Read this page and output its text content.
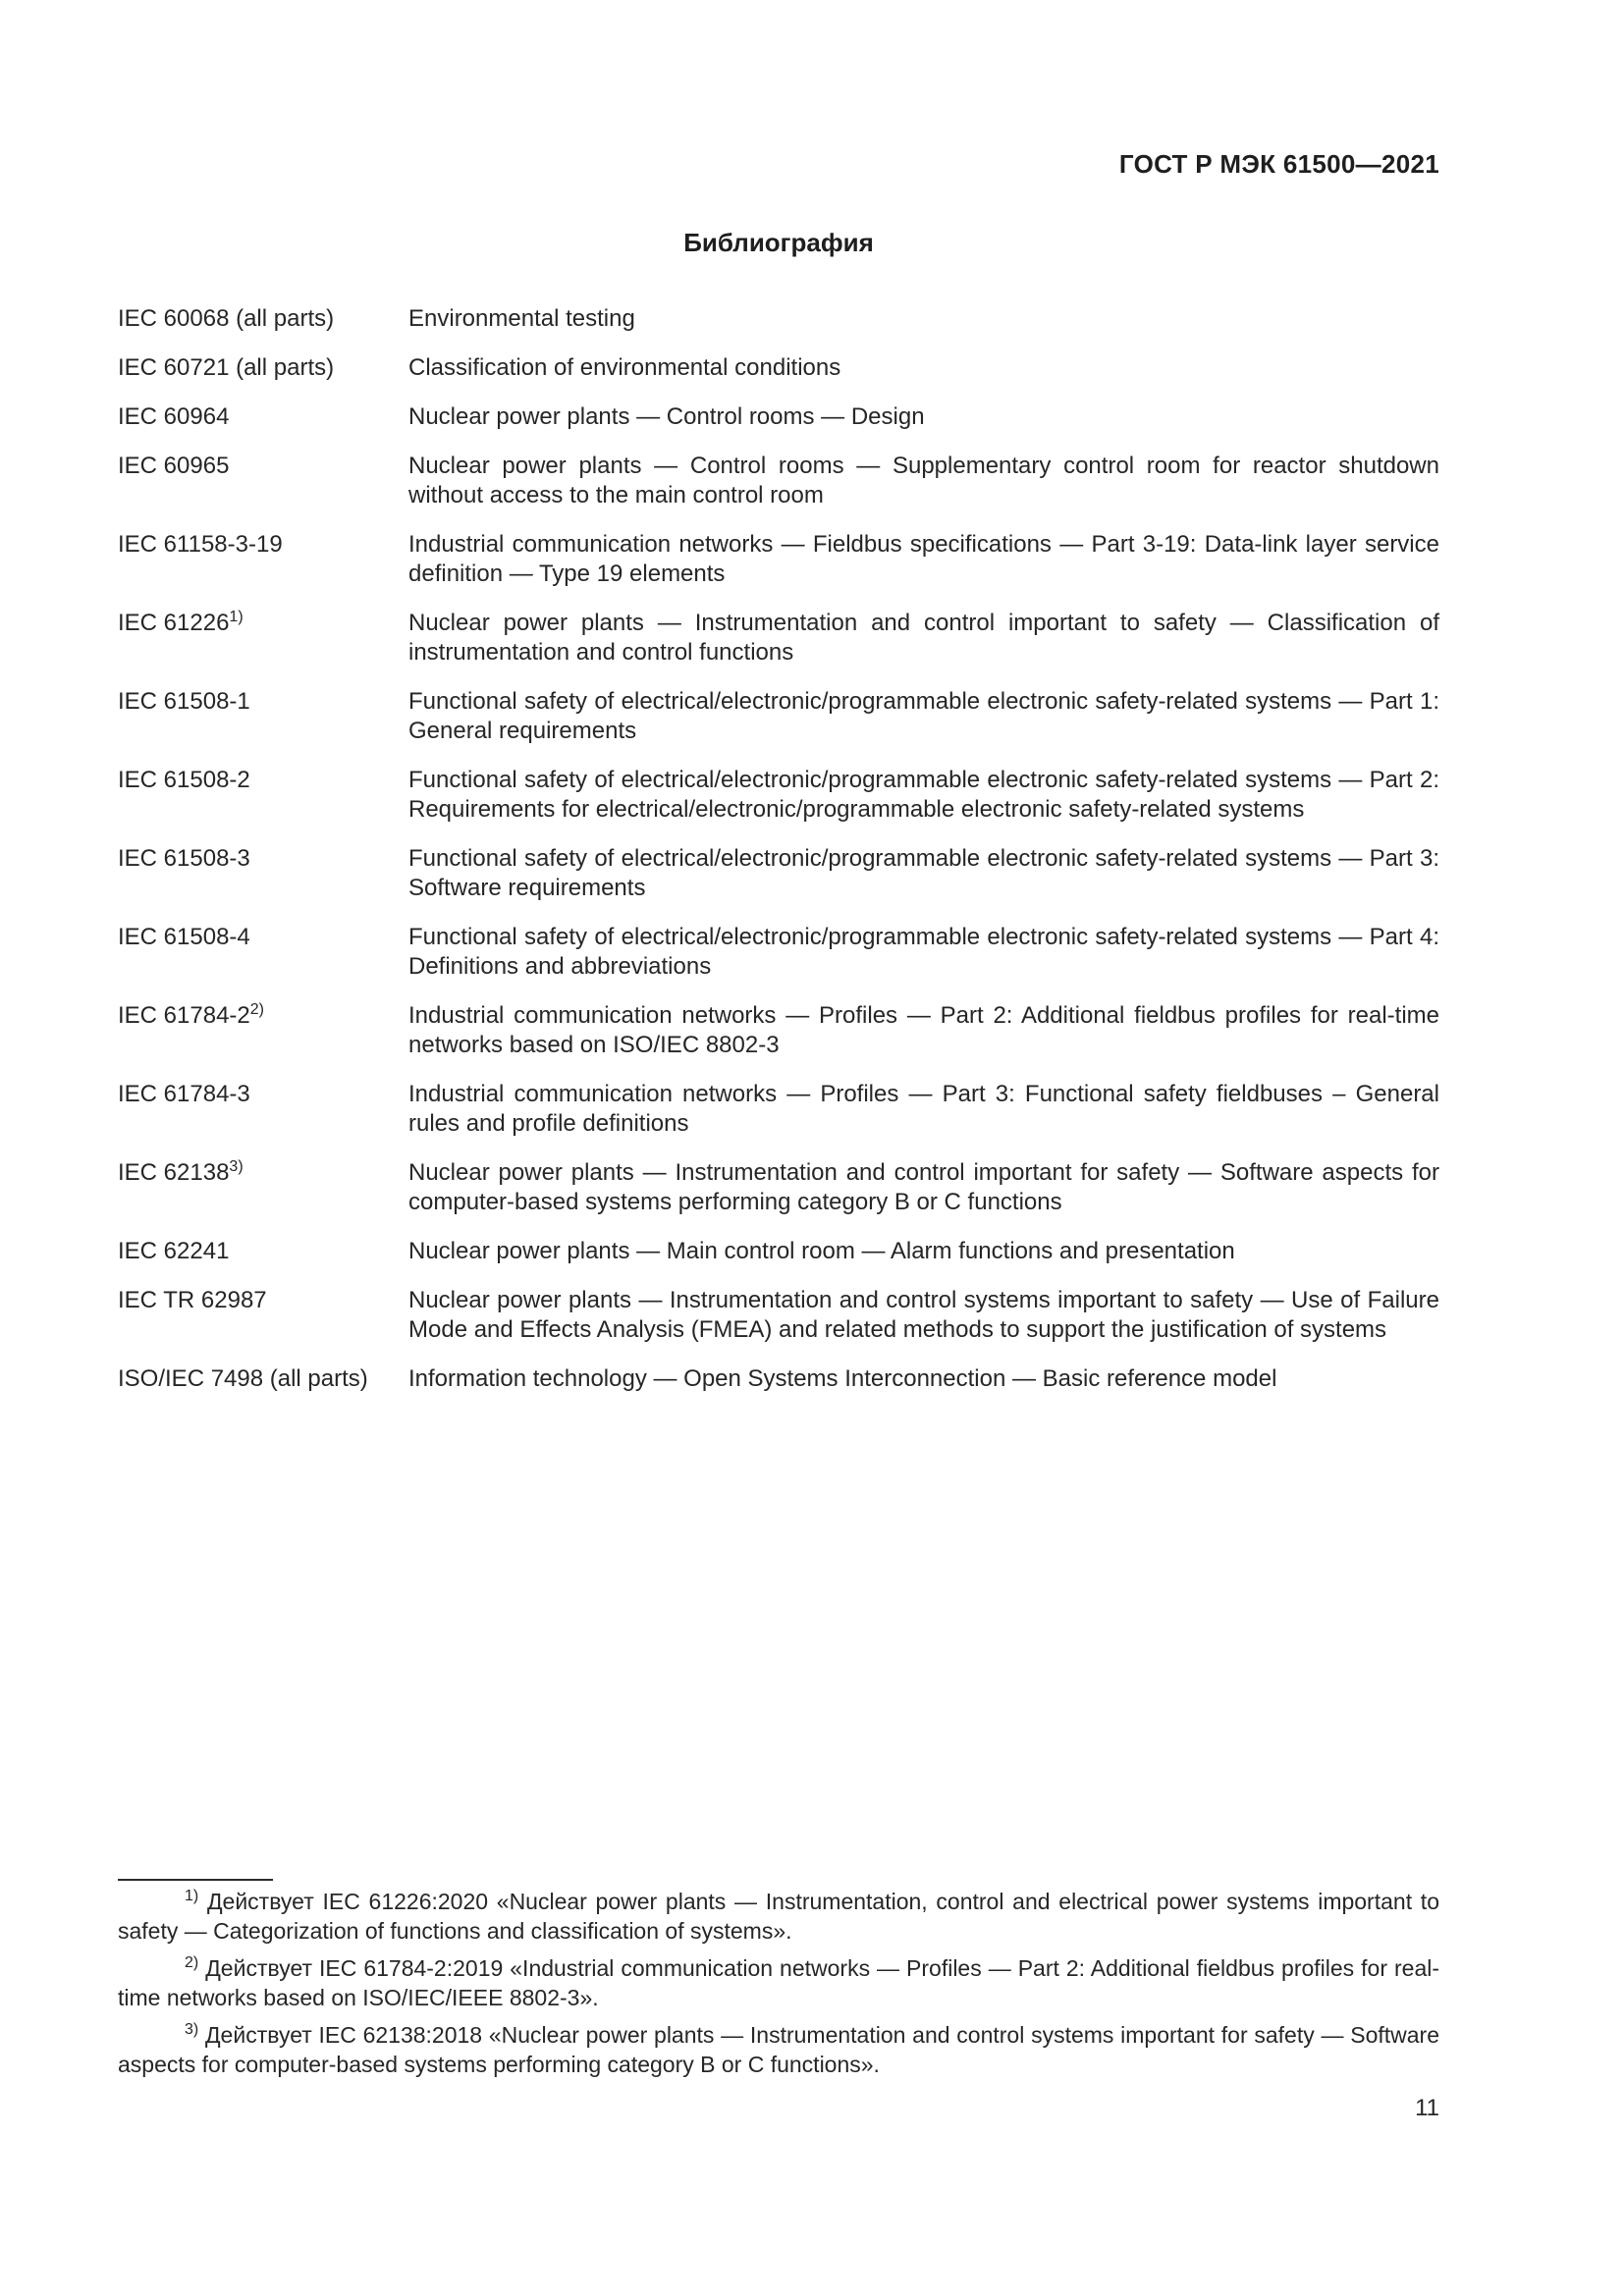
ГОСТ Р МЭК 61500—2021
Библиография
IEC 60068 (all parts)	Environmental testing
IEC 60721 (all parts)	Classification of environmental conditions
IEC 60964	Nuclear power plants — Control rooms — Design
IEC 60965	Nuclear power plants — Control rooms — Supplementary control room for reactor shutdown without access to the main control room
IEC 61158-3-19	Industrial communication networks — Fieldbus specifications — Part 3-19: Data-link layer service definition — Type 19 elements
IEC 61226$^{1)}$	Nuclear power plants — Instrumentation and control important to safety — Classification of instrumentation and control functions
IEC 61508-1	Functional safety of electrical/electronic/programmable electronic safety-related systems — Part 1: General requirements
IEC 61508-2	Functional safety of electrical/electronic/programmable electronic safety-related systems — Part 2: Requirements for electrical/electronic/programmable electronic safety-related systems
IEC 61508-3	Functional safety of electrical/electronic/programmable electronic safety-related systems — Part 3: Software requirements
IEC 61508-4	Functional safety of electrical/electronic/programmable electronic safety-related systems — Part 4: Definitions and abbreviations
IEC 61784-2$^{2)}$	Industrial communication networks — Profiles — Part 2: Additional fieldbus profiles for real-time networks based on ISO/IEC 8802-3
IEC 61784-3	Industrial communication networks — Profiles — Part 3: Functional safety fieldbuses – General rules and profile definitions
IEC 62138$^{3)}$	Nuclear power plants — Instrumentation and control important for safety — Software aspects for computer-based systems performing category B or C functions
IEC 62241	Nuclear power plants — Main control room — Alarm functions and presentation
IEC TR 62987	Nuclear power plants — Instrumentation and control systems important to safety — Use of Failure Mode and Effects Analysis (FMEA) and related methods to support the justification of systems
ISO/IEC 7498 (all parts)	Information technology — Open Systems Interconnection — Basic reference model
$^{1)}$ Действует IEC 61226:2020 «Nuclear power plants — Instrumentation, control and electrical power systems important to safety — Categorization of functions and classification of systems».
$^{2)}$ Действует IEC 61784-2:2019 «Industrial communication networks — Profiles — Part 2: Additional fieldbus profiles for real-time networks based on ISO/IEC/IEEE 8802-3».
$^{3)}$ Действует IEC 62138:2018 «Nuclear power plants — Instrumentation and control systems important for safety — Software aspects for computer-based systems performing category B or C functions».
11
